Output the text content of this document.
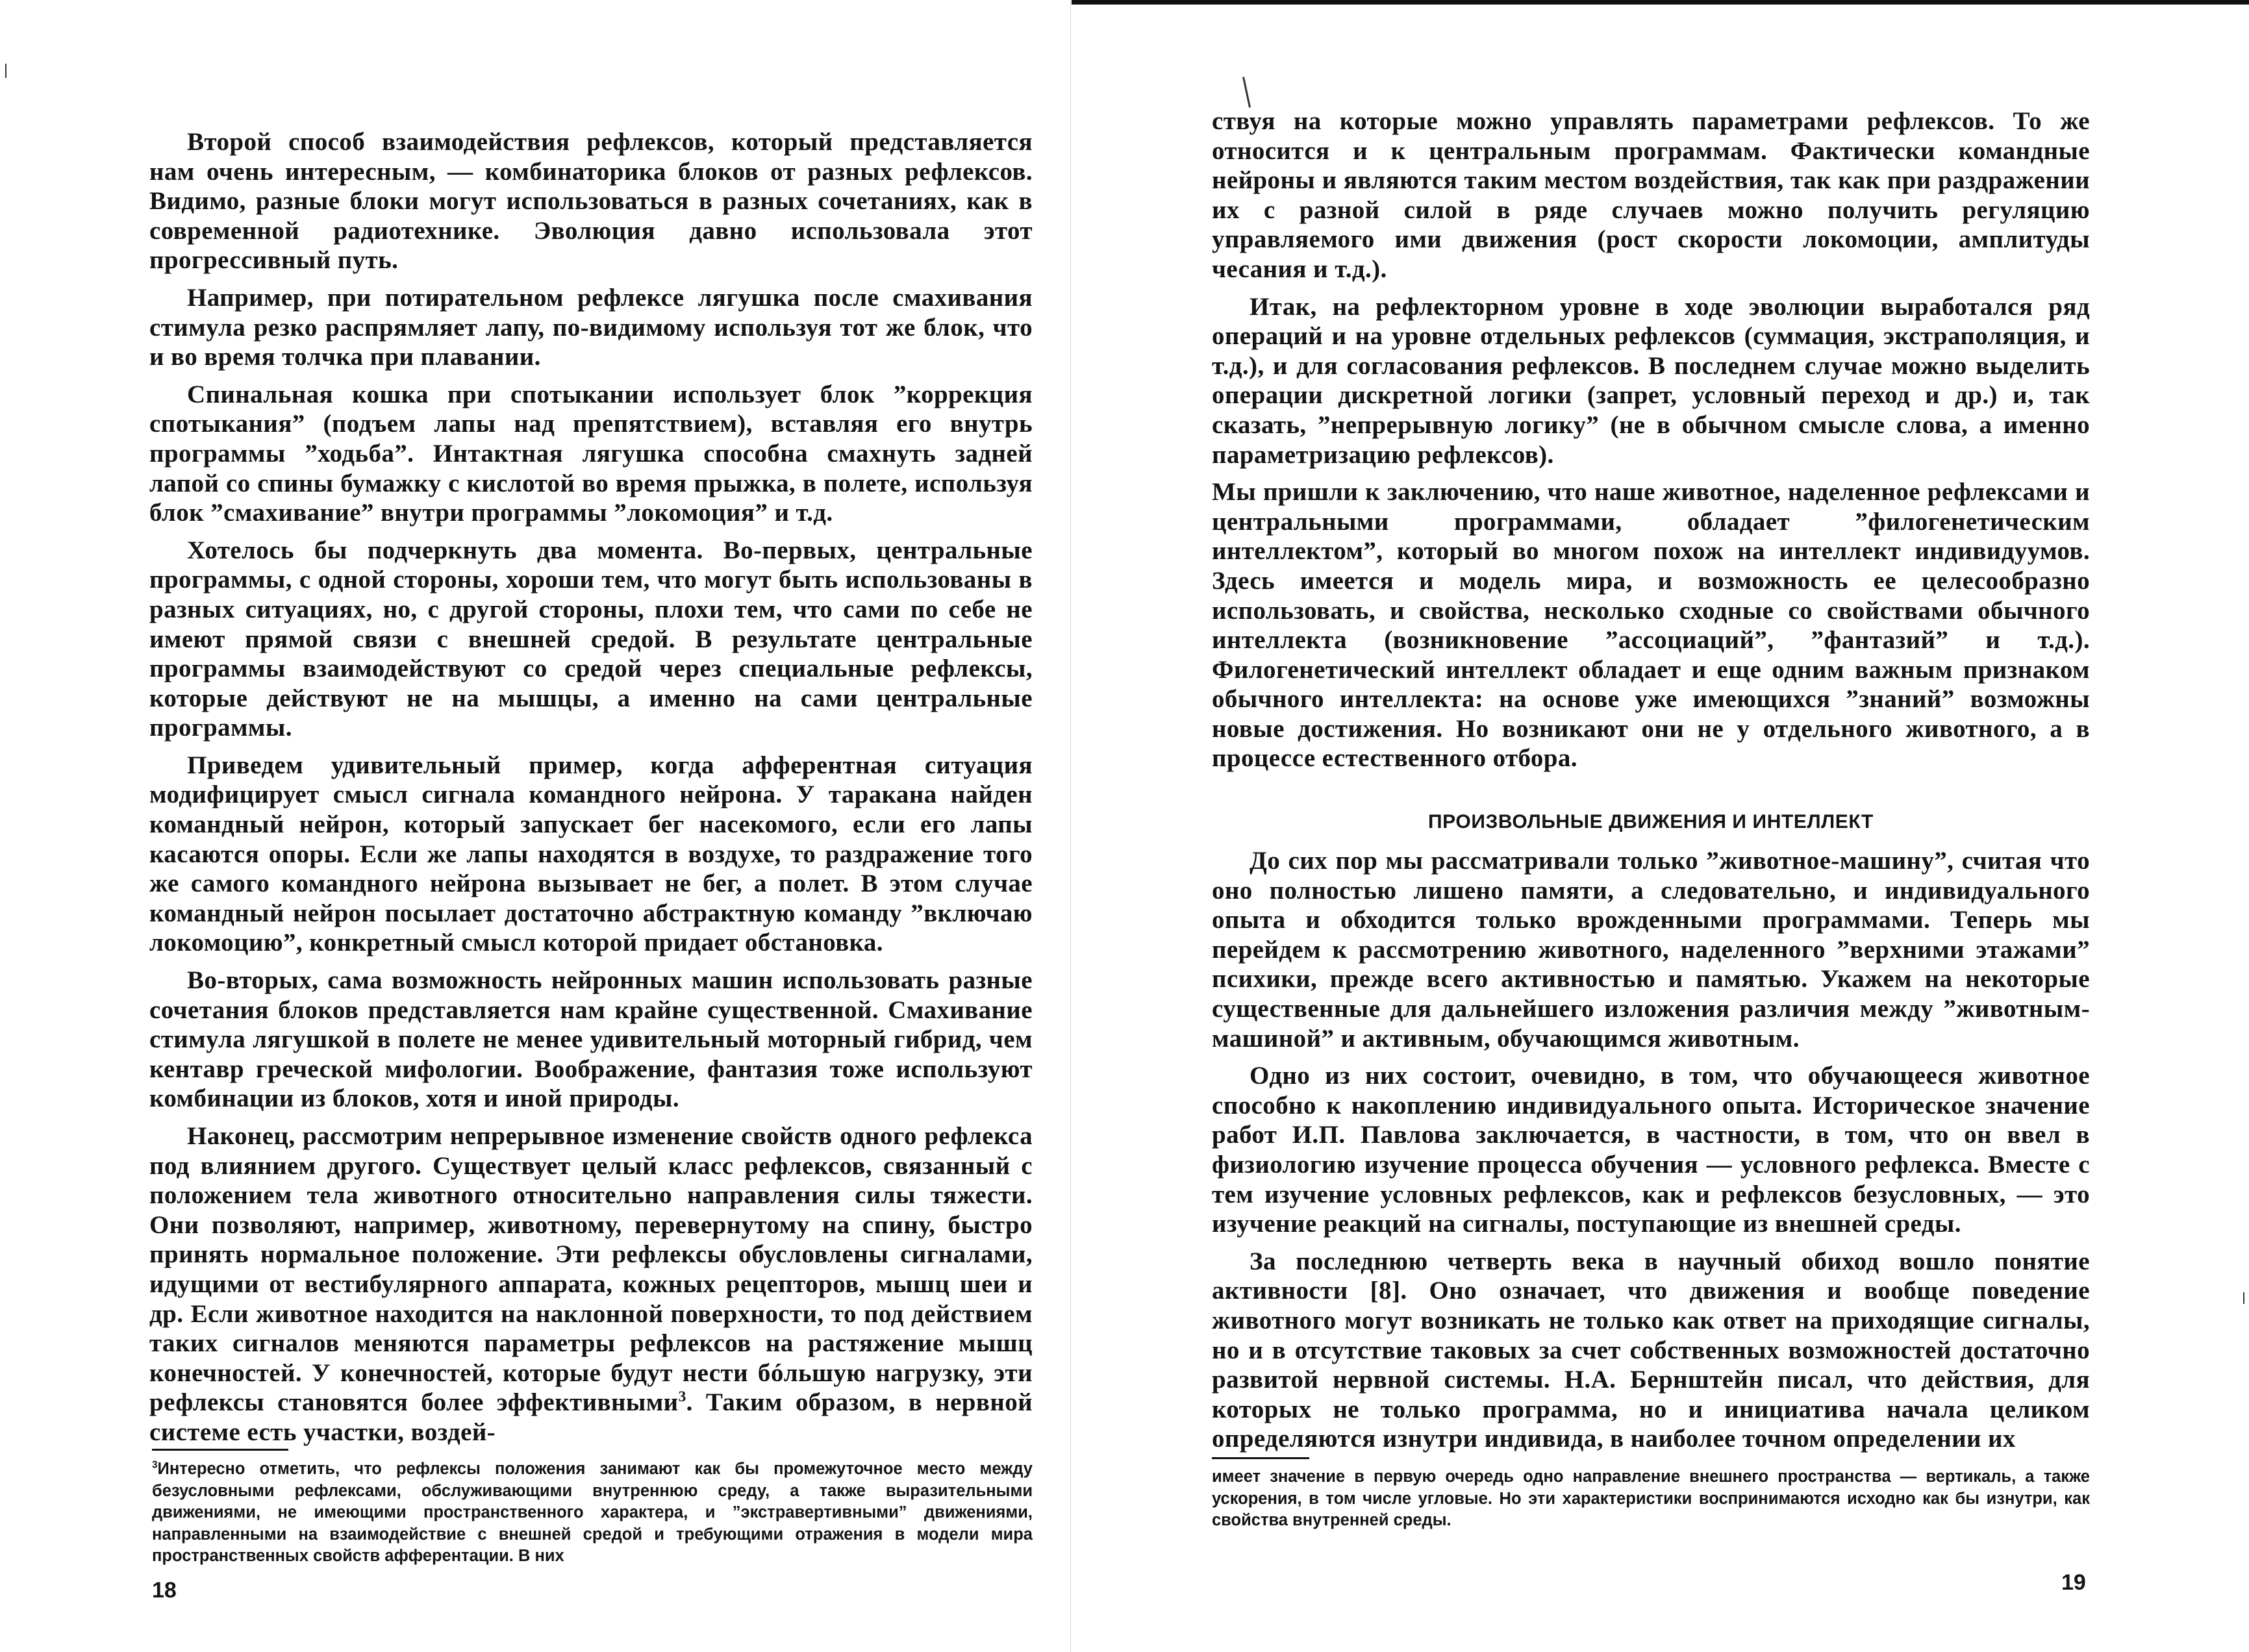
Второй способ взаимодействия рефлексов, который представляется нам очень интересным, — комбинаторика блоков от разных рефлексов. Видимо, разные блоки могут использоваться в разных сочетаниях, как в современной радиотехнике. Эволюция давно использовала этот прогрессивный путь.

Например, при потирательном рефлексе лягушка после смахивания стимула резко распрямляет лапу, по-видимому используя тот же блок, что и во время толчка при плавании.

Спинальная кошка при спотыкании использует блок ”коррекция спотыкания” (подъем лапы над препятствием), вставляя его внутрь программы ”ходьба”. Интактная лягушка способна смахнуть задней лапой со спины бумажку с кислотой во время прыжка, в полете, используя блок ”смахивание” внутри программы ”локомоция” и т.д.

Хотелось бы подчеркнуть два момента. Во-первых, центральные программы, с одной стороны, хороши тем, что могут быть использованы в разных ситуациях, но, с другой стороны, плохи тем, что сами по себе не имеют прямой связи с внешней средой. В результате центральные программы взаимодействуют со средой через специальные рефлексы, которые действуют не на мышцы, а именно на сами центральные программы.

Приведем удивительный пример, когда афферентная ситуация модифицирует смысл сигнала командного нейрона. У таракана найден командный нейрон, который запускает бег насекомого, если его лапы касаются опоры. Если же лапы находятся в воздухе, то раздражение того же самого командного нейрона вызывает не бег, а полет. В этом случае командный нейрон посылает достаточно абстрактную команду ”включаю локомоцию”, конкретный смысл которой придает обстановка.

Во-вторых, сама возможность нейронных машин использовать разные сочетания блоков представляется нам крайне существенной. Смахивание стимула лягушкой в полете не менее удивительный моторный гибрид, чем кентавр греческой мифологии. Воображение, фантазия тоже используют комбинации из блоков, хотя и иной природы.

Наконец, рассмотрим непрерывное изменение свойств одного рефлекса под влиянием другого. Существует целый класс рефлексов, связанный с положением тела животного относительно направления силы тяжести. Они позволяют, например, животному, перевернутому на спину, быстро принять нормальное положение. Эти рефлексы обусловлены сигналами, идущими от вестибулярного аппарата, кожных рецепторов, мышц шеи и др. Если животное находится на наклонной поверхности, то под действием таких сигналов меняются параметры рефлексов на растяжение мышц конечностей. У конечностей, которые будут нести бóльшую нагрузку, эти рефлексы становятся более эффективными$^3$. Таким образом, в нервной системе есть участки, воздей-

$^3$Интересно отметить, что рефлексы положения занимают как бы промежуточное место между безусловными рефлексами, обслуживающими внутреннюю среду, а также выразительными движениями, не имеющими пространственного характера, и ”экстравертивными” движениями, направленными на взаимодействие с внешней средой и требующими отражения в модели мира пространственных свойств афферентации. В них
18

ствуя на которые можно управлять параметрами рефлексов. То же относится и к центральным программам. Фактически командные нейроны и являются таким местом воздействия, так как при раздражении их с разной силой в ряде случаев можно получить регуляцию управляемого ими движения (рост скорости локомоции, амплитуды чесания и т.д.).

Итак, на рефлекторном уровне в ходе эволюции выработался ряд операций и на уровне отдельных рефлексов (суммация, экстраполяция, и т.д.), и для согласования рефлексов. В последнем случае можно выделить операции дискретной логики (запрет, условный переход и др.) и, так сказать, ”непрерывную логику” (не в обычном смысле слова, а именно параметризацию рефлексов).

Мы пришли к заключению, что наше животное, наделенное рефлексами и центральными программами, обладает ”филогенетическим интеллектом”, который во многом похож на интеллект индивидуумов. Здесь имеется и модель мира, и возможность ее целесообразно использовать, и свойства, несколько сходные со свойствами обычного интеллекта (возникновение ”ассоциаций”, ”фантазий” и т.д.). Филогенетический интеллект обладает и еще одним важным признаком обычного интеллекта: на основе уже имеющихся ”знаний” возможны новые достижения. Но возникают они не у отдельного животного, а в процессе естественного отбора.

ПРОИЗВОЛЬНЫЕ ДВИЖЕНИЯ И ИНТЕЛЛЕКТ

До сих пор мы рассматривали только ”животное-машину”, считая что оно полностью лишено памяти, а следовательно, и индивидуального опыта и обходится только врожденными программами. Теперь мы перейдем к рассмотрению животного, наделенного ”верхними этажами” психики, прежде всего активностью и памятью. Укажем на некоторые существенные для дальнейшего изложения различия между ”животным-машиной” и активным, обучающимся животным.

Одно из них состоит, очевидно, в том, что обучающееся животное способно к накоплению индивидуального опыта. Историческое значение работ И.П. Павлова заключается, в частности, в том, что он ввел в физиологию изучение процесса обучения — условного рефлекса. Вместе с тем изучение условных рефлексов, как и рефлексов безусловных, — это изучение реакций на сигналы, поступающие из внешней среды.

За последнюю четверть века в научный обиход вошло понятие активности [8]. Оно означает, что движения и вообще поведение животного могут возникать не только как ответ на приходящие сигналы, но и в отсутствие таковых за счет собственных возможностей достаточно развитой нервной системы. Н.А. Бернштейн писал, что действия, для которых не только программа, но и инициатива начала целиком определяются изнутри индивида, в наиболее точном определении их

имеет значение в первую очередь одно направление внешнего пространства — вертикаль, а также ускорения, в том числе угловые. Но эти характеристики воспринимаются исходно как бы изнутри, как свойства внутренней среды.
19
